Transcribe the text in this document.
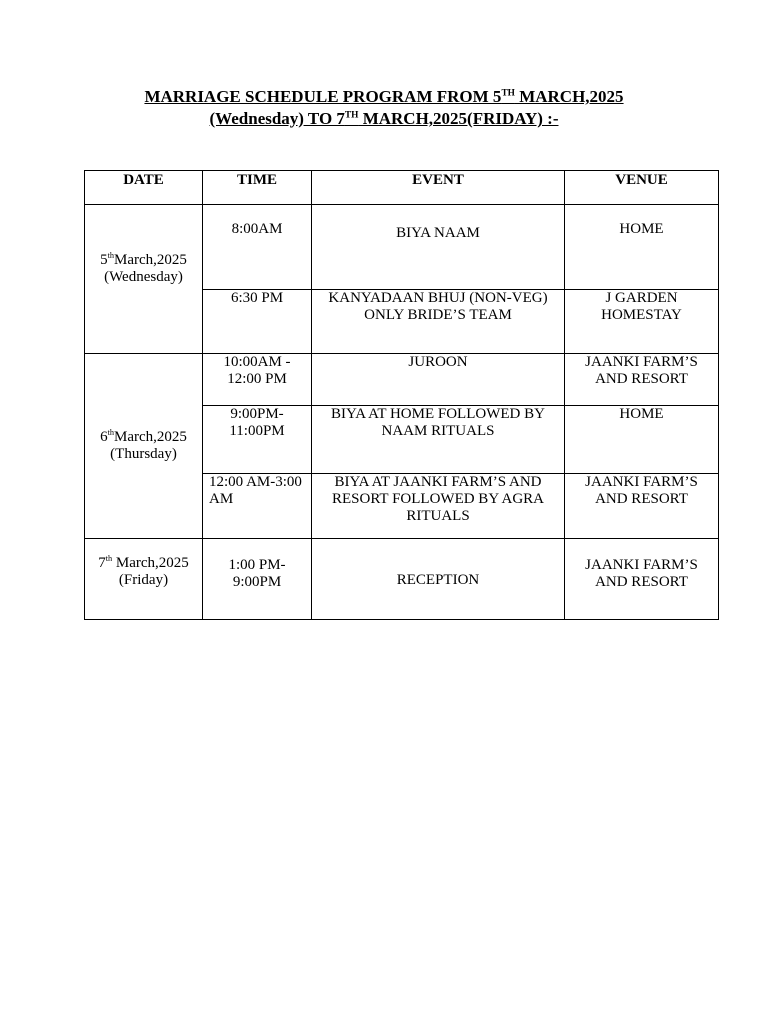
MARRIAGE SCHEDULE PROGRAM FROM 5TH MARCH,2025
(Wednesday) TO 7TH MARCH,2025(FRIDAY) :-
DATE	TIME	EVENT	VENUE

5thMarch,2025
(Wednesday)	8:00AM	BIYA NAAM	HOME
	6:30 PM	KANYADAAN BHUJ (NON-VEG) ONLY BRIDE’S TEAM	J GARDEN HOMESTAY

6thMarch,2025
(Thursday)	10:00AM - 12:00 PM	JUROON	JAANKI FARM’S AND RESORT
	9:00PM-11:00PM	BIYA AT HOME FOLLOWED BY NAAM RITUALS	HOME
	12:00 AM-3:00 AM	BIYA AT JAANKI FARM’S AND RESORT FOLLOWED BY AGRA RITUALS	JAANKI FARM’S AND RESORT

7th March,2025
(Friday)	1:00 PM- 9:00PM	RECEPTION	JAANKI FARM’S AND RESORT
